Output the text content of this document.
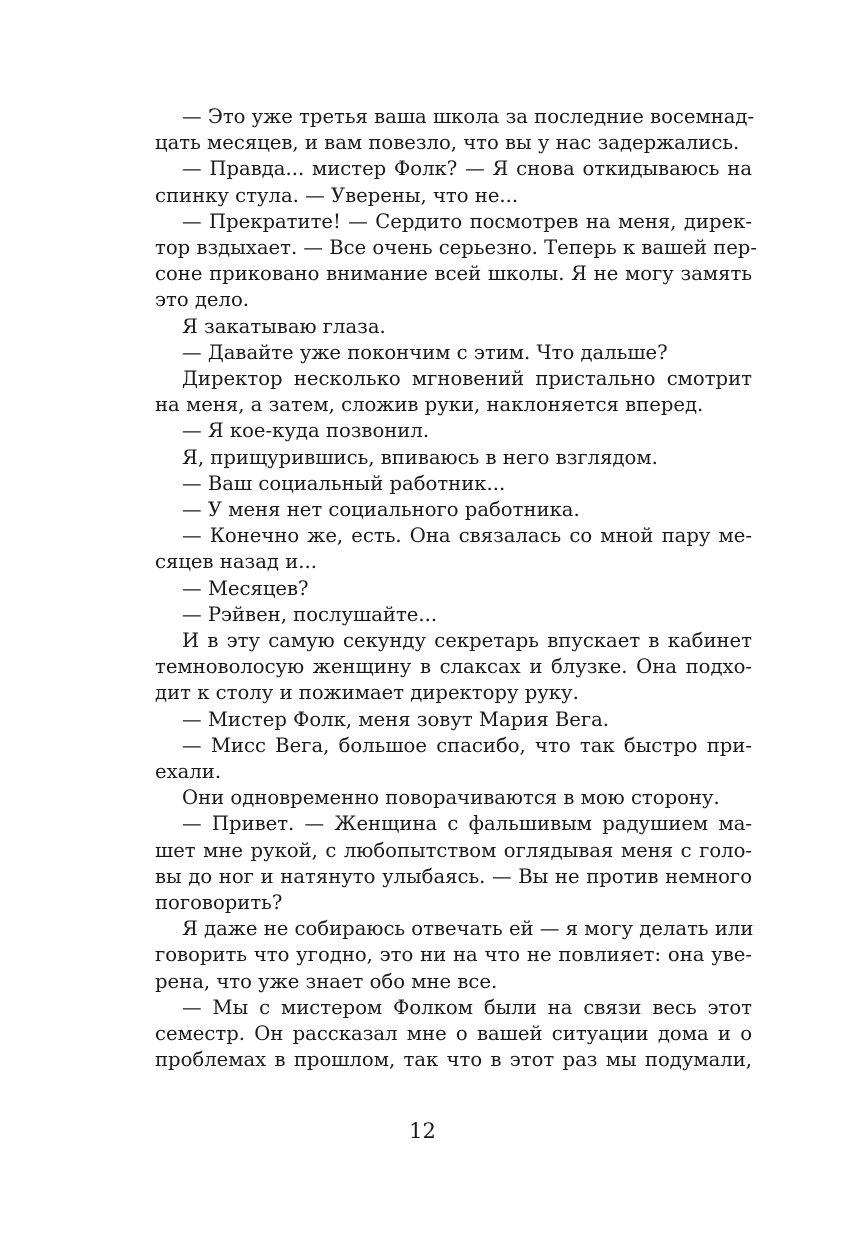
— Это уже третья ваша школа за последние восемнад-
цать месяцев, и вам повезло, что вы у нас задержались.
— Правда... мистер Фолк? — Я снова откидываюсь на
спинку стула. — Уверены, что не...
— Прекратите! — Сердито посмотрев на меня, дирек-
тор вздыхает. — Все очень серьезно. Теперь к вашей пер-
соне приковано внимание всей школы. Я не могу замять
это дело.
Я закатываю глаза.
— Давайте уже покончим с этим. Что дальше?
Директор несколько мгновений пристально смотрит
на меня, а затем, сложив руки, наклоняется вперед.
— Я кое-куда позвонил.
Я, прищурившись, впиваюсь в него взглядом.
— Ваш социальный работник...
— У меня нет социального работника.
— Конечно же, есть. Она связалась со мной пару ме-
сяцев назад и...
— Месяцев?
— Рэйвен, послушайте...
И в эту самую секунду секретарь впускает в кабинет
темноволосую женщину в слаксах и блузке. Она подхо-
дит к столу и пожимает директору руку.
— Мистер Фолк, меня зовут Мария Вега.
— Мисс Вега, большое спасибо, что так быстро при-
ехали.
Они одновременно поворачиваются в мою сторону.
— Привет. — Женщина с фальшивым радушием ма-
шет мне рукой, с любопытством оглядывая меня с голо-
вы до ног и натянуто улыбаясь. — Вы не против немного
поговорить?
Я даже не собираюсь отвечать ей — я могу делать или
говорить что угодно, это ни на что не повлияет: она уве-
рена, что уже знает обо мне все.
— Мы с мистером Фолком были на связи весь этот
семестр. Он рассказал мне о вашей ситуации дома и о
проблемах в прошлом, так что в этот раз мы подумали,
12
